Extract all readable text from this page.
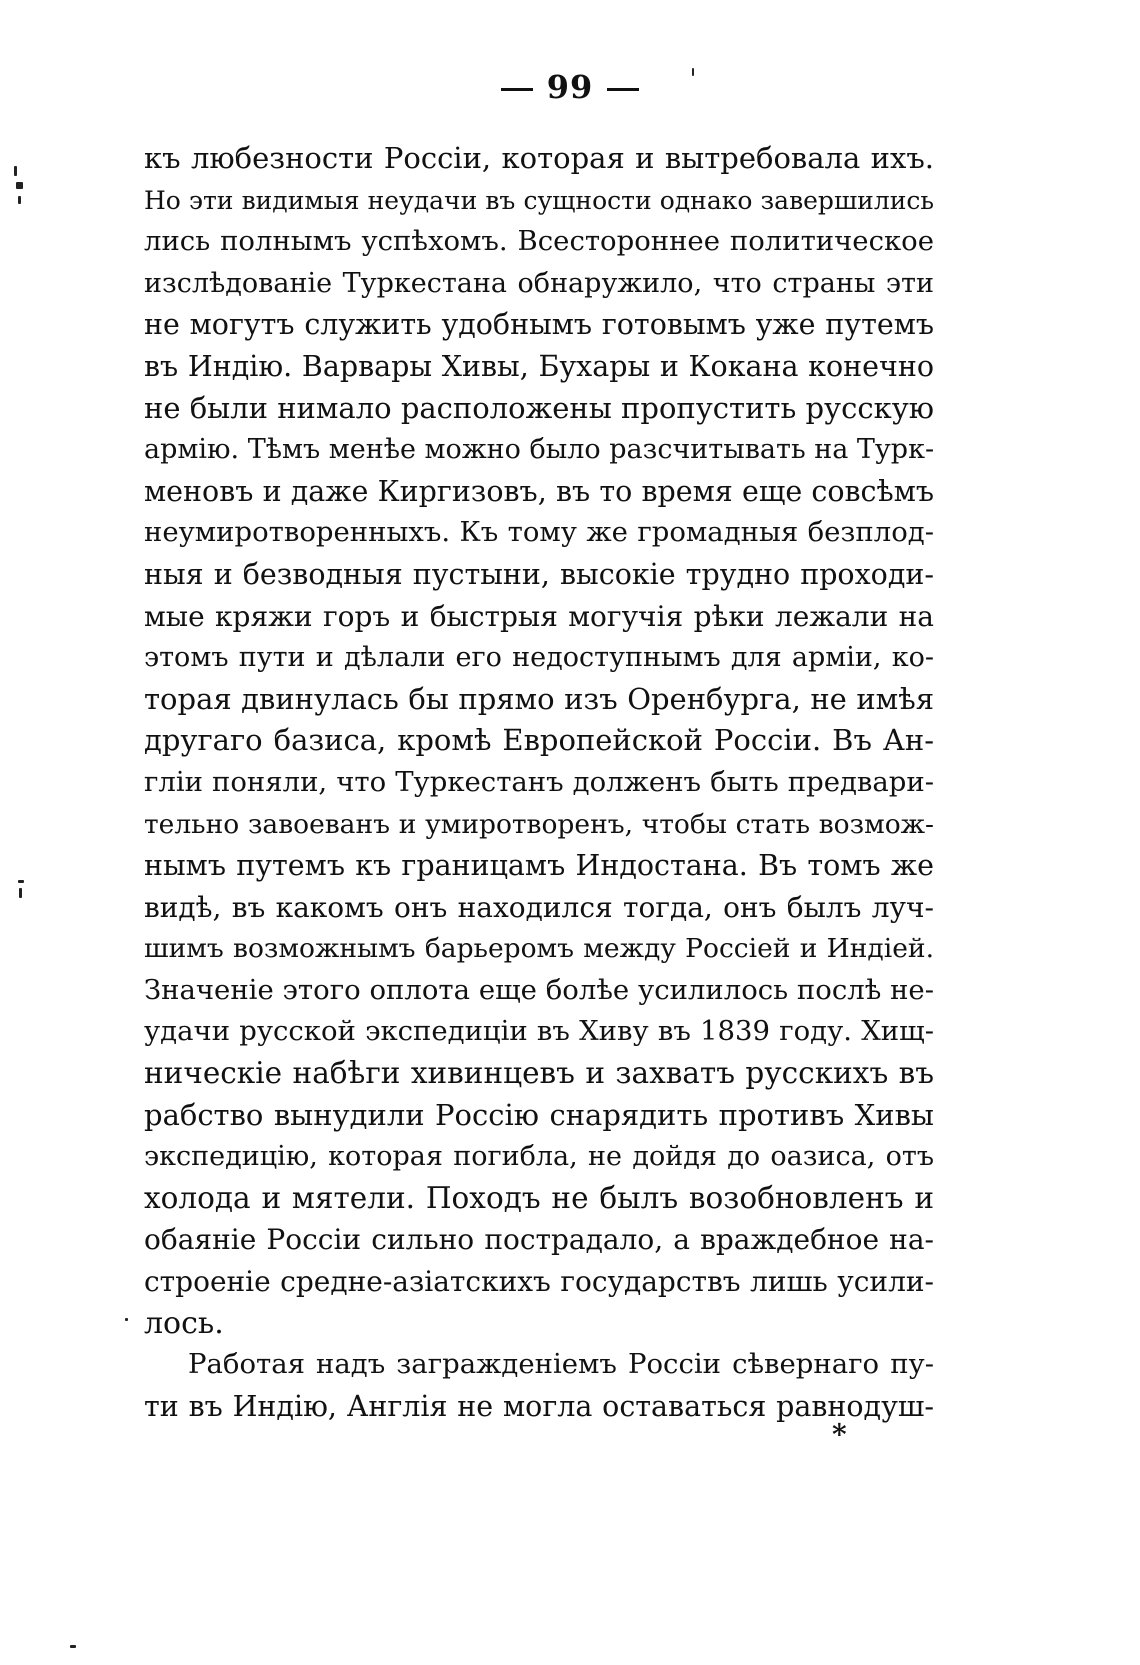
99
къ любезности Россіи, которая и вытребовала ихъ.
Но эти видимыя неудачи въ сущности однако завершились
лись полнымъ успѣхомъ. Всестороннее политическое
изслѣдованіе Туркестана обнаружило, что страны эти
не могутъ служить удобнымъ готовымъ уже путемъ
въ Индію. Варвары Хивы, Бухары и Кокана конечно
не были нимало расположены пропустить русскую
армію. Тѣмъ менѣе можно было разсчитывать на Турк-
меновъ и даже Киргизовъ, въ то время еще совсѣмъ
неумиротворенныхъ. Къ тому же громадныя безплод-
ныя и безводныя пустыни, высокіе трудно проходи-
мые кряжи горъ и быстрыя могучія рѣки лежали на
этомъ пути и дѣлали его недоступнымъ для арміи, ко-
торая двинулась бы прямо изъ Оренбурга, не имѣя
другаго базиса, кромѣ Европейской Россіи. Въ Ан-
гліи поняли, что Туркестанъ долженъ быть предвари-
тельно завоеванъ и умиротворенъ, чтобы стать возмож-
нымъ путемъ къ границамъ Индостана. Въ томъ же
видѣ, въ какомъ онъ находился тогда, онъ былъ луч-
шимъ возможнымъ барьеромъ между Россіей и Индіей.
Значеніе этого оплота еще болѣе усилилось послѣ не-
удачи русской экспедиціи въ Хиву въ 1839 году. Хищ-
ническіе набѣги хивинцевъ и захватъ русскихъ въ
рабство вынудили Россію снарядить противъ Хивы
экспедицію, которая погибла, не дойдя до оазиса, отъ
холода и мятели. Походъ не былъ возобновленъ и
обаяніе Россіи сильно пострадало, а враждебное на-
строеніе средне-азіатскихъ государствъ лишь усили-
лось.
Работая надъ загражденіемъ Россіи сѣвернаго пу-
ти въ Индію, Англія не могла оставаться равнодуш-
*
